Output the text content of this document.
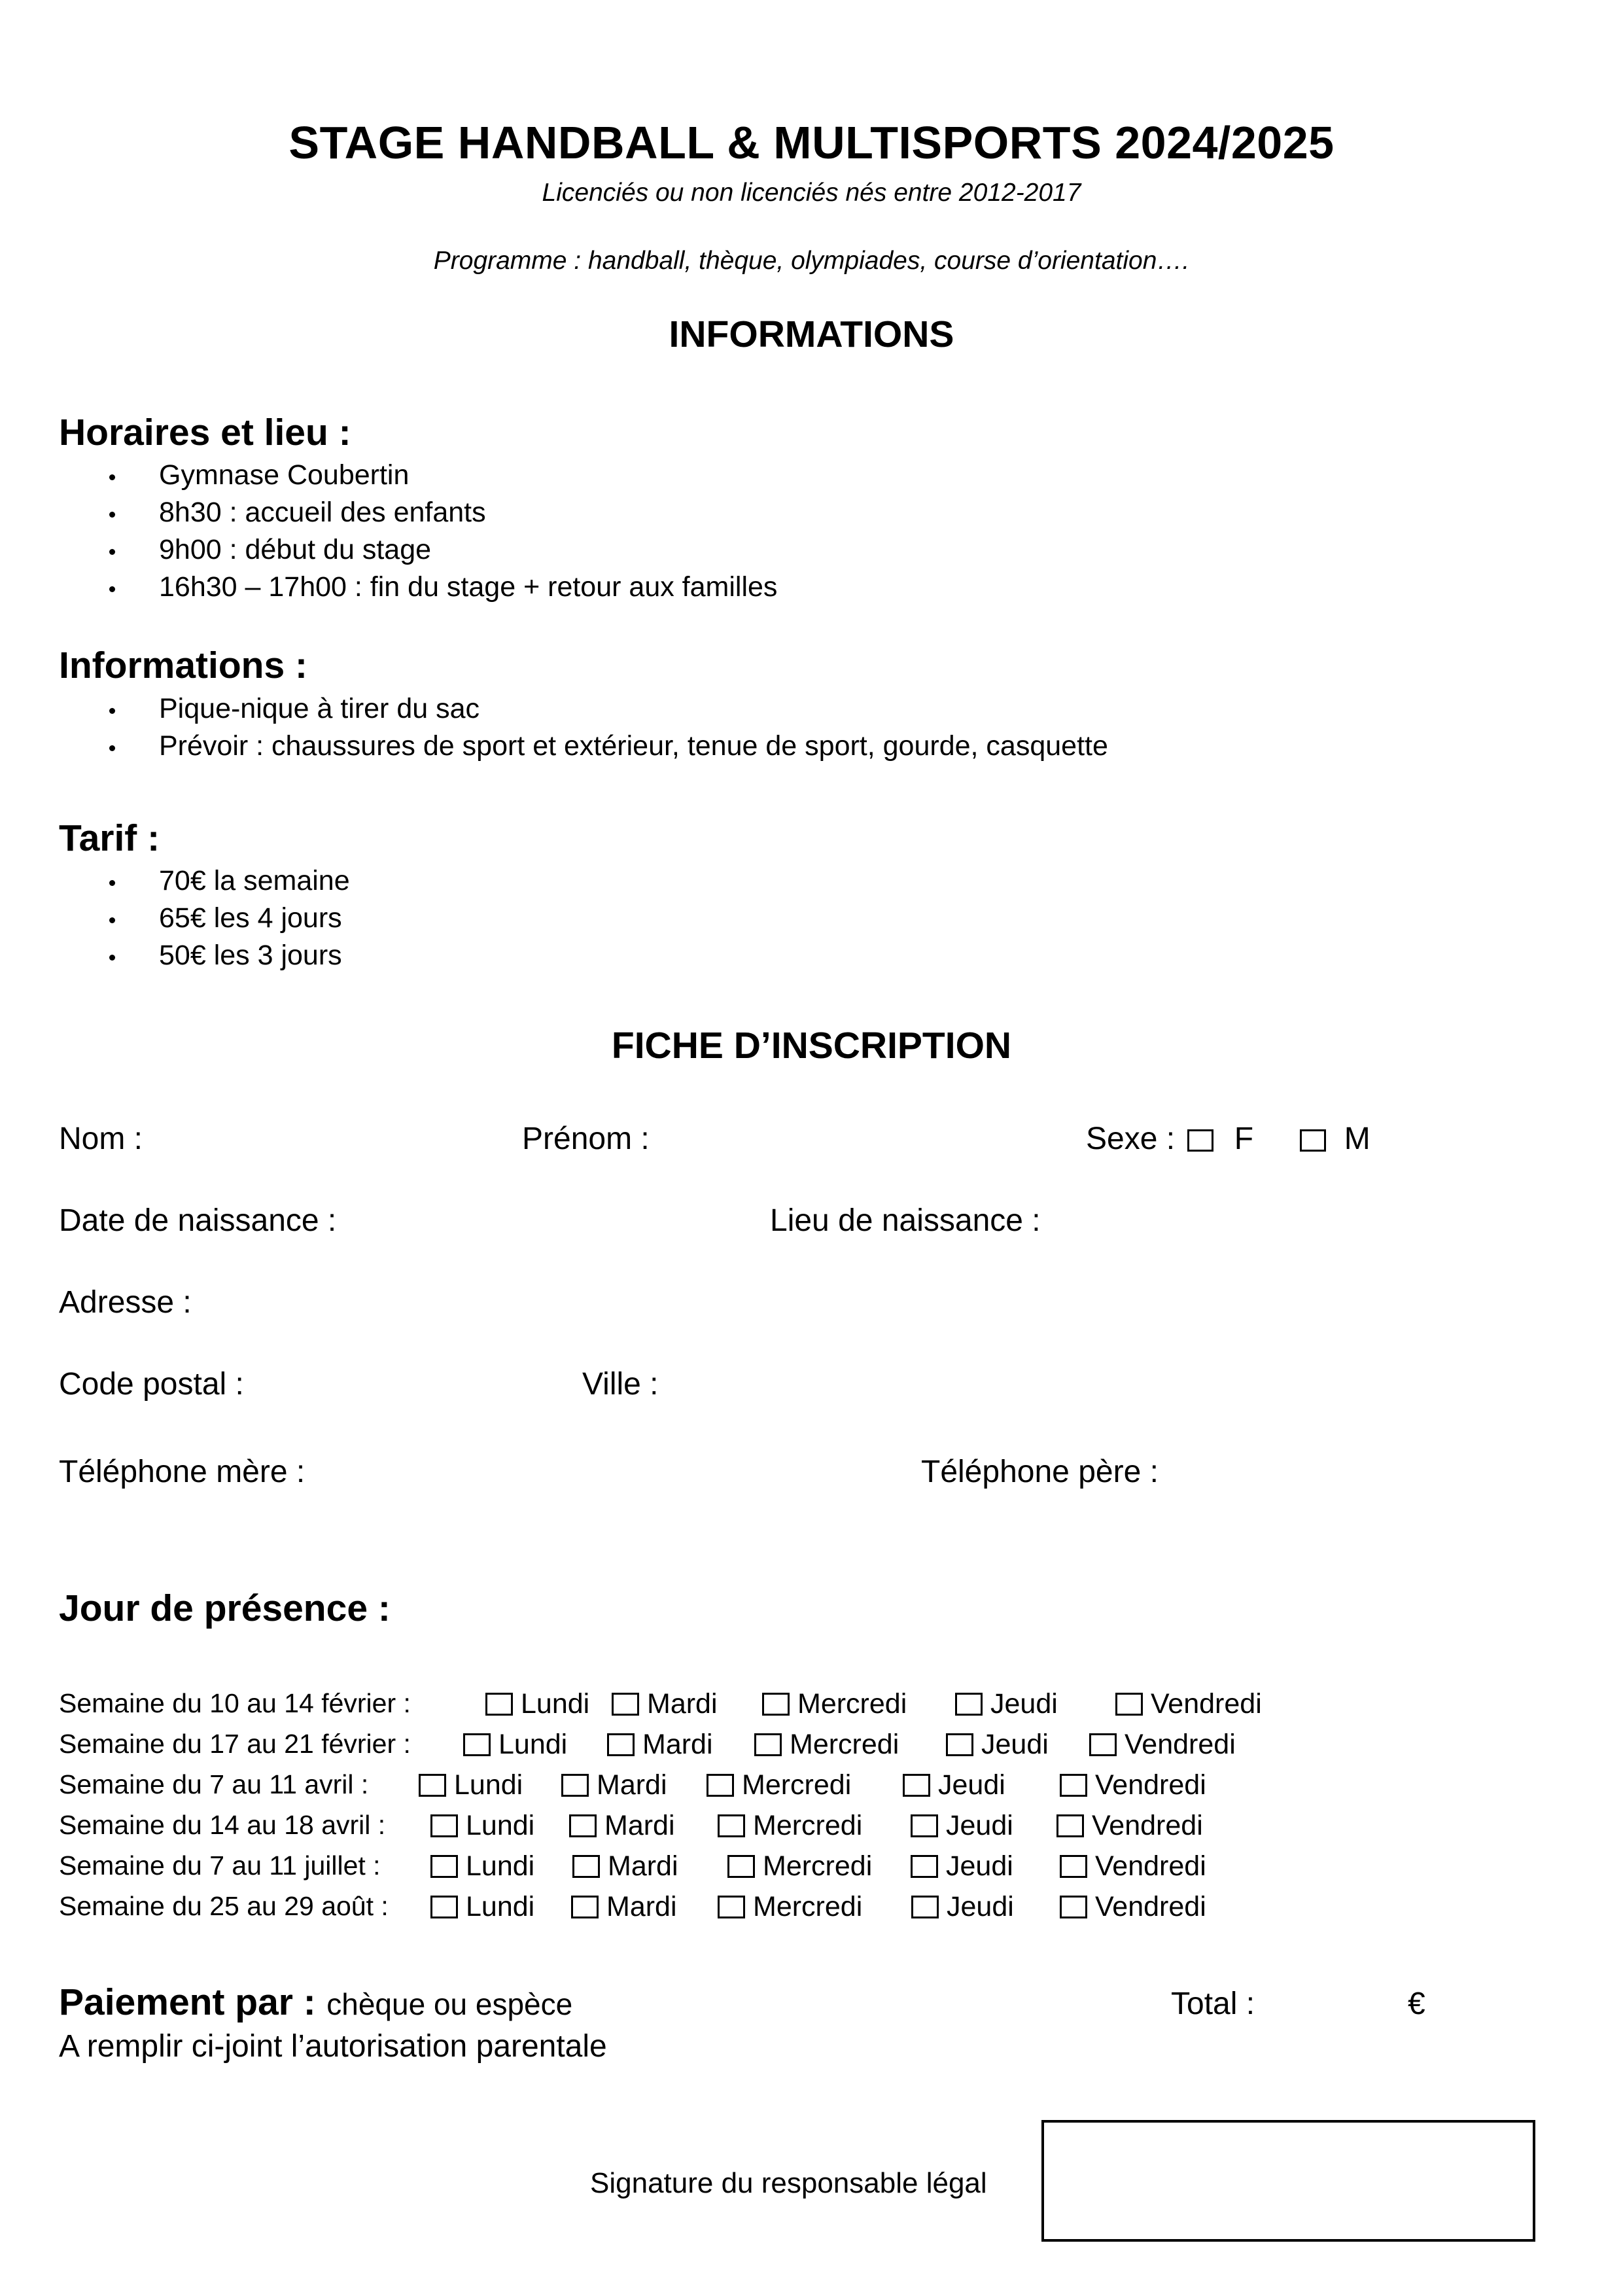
STAGE HANDBALL & MULTISPORTS 2024/2025
Licenciés ou non licenciés nés entre 2012-2017
Programme : handball, thèque, olympiades, course d’orientation….
INFORMATIONS
Horaires et lieu :
Gymnase Coubertin
8h30 : accueil des enfants
9h00 : début du stage
16h30 – 17h00 : fin du stage + retour aux familles
Informations :
Pique-nique à tirer du sac
Prévoir : chaussures de sport et extérieur, tenue de sport, gourde, casquette
Tarif :
70€ la semaine
65€ les 4 jours
50€ les 3 jours
FICHE D’INSCRIPTION
Nom :	Prénom :	Sexe : F	M
Date de naissance :	Lieu de naissance :
Adresse :
Code postal :	Ville :
Téléphone mère :	Téléphone père :
Jour de présence :
Semaine du 10 au 14 février :	Lundi	Mardi	Mercredi	Jeudi	Vendredi
Semaine du 17 au 21 février :	Lundi	Mardi	Mercredi	Jeudi	Vendredi
Semaine du 7 au 11 avril :	Lundi	Mardi	Mercredi	Jeudi	Vendredi
Semaine du 14 au 18 avril :	Lundi	Mardi	Mercredi	Jeudi	Vendredi
Semaine du 7 au 11 juillet :	Lundi	Mardi	Mercredi	Jeudi	Vendredi
Semaine du 25 au 29 août :	Lundi	Mardi	Mercredi	Jeudi	Vendredi
Paiement par : chèque ou espèce	Total :	€
A remplir ci-joint l’autorisation parentale
Signature du responsable légal
